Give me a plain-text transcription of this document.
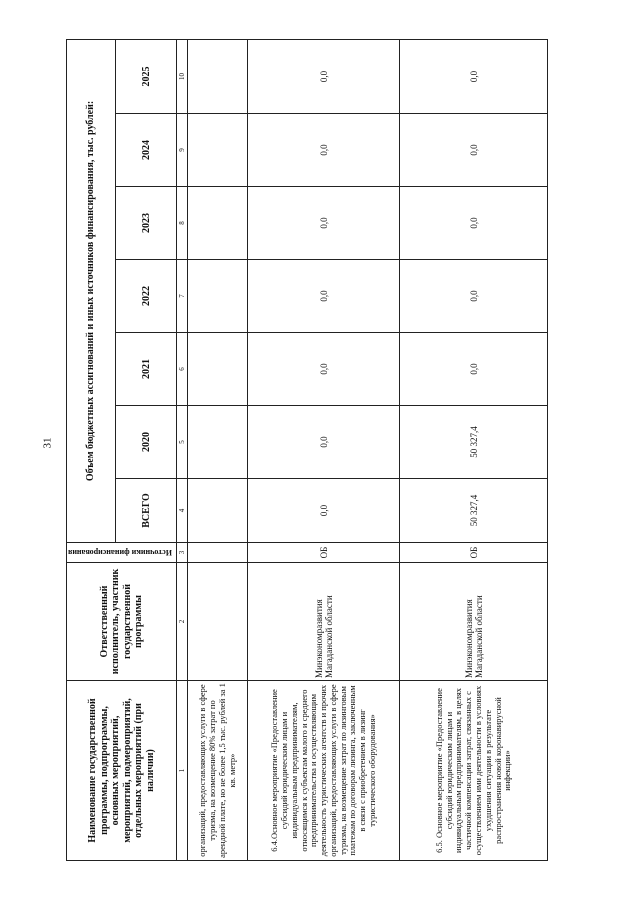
31
Наименование государственной программы, подпрограммы, основных мероприятий, мероприятий, подмероприятий, отдельных мероприятий (при наличии)	Ответственный исполнитель, участник государственной программы	Источники финансирования	Объем бюджетных ассигнований и иных источников финансирования, тыс. рублей:						
			ВСЕГО	2020	2021	2022	2023	2024	2025
1	2	3	4	5	6	7	8	9	10
организаций, предоставляющих услуги в сфере туризма, на возмещение 80% затрат по арендной плате, но не более 1,5 тыс. рублей за 1 кв. метр»									
6.4.Основное мероприятие «Предоставление субсидий юридическим лицам и индивидуальным предпринимателям, относящимся к субъектам малого и среднего предпринимательства и осуществляющим деятельность туристических агентств и прочих организаций, предоставляющих услуги в сфере туризма, на возмещение затрат по лизинговым платежам по договорам лизинга, заключенным в связи с приобретением в лизинг туристического оборудования»	Минэкономразвития Магаданской области	ОБ	0,0	0,0	0,0	0,0	0,0	0,0	0,0
6.5. Основное мероприятие «Предоставление субсидий юридическим лицам и индивидуальным предпринимателям, в целях частичной компенсации затрат, связанных с осуществлением ими деятельности в условиях ухудшения ситуации в результате распространения новой коронавирусной инфекции»	Минэкономразвития Магаданской области	ОБ	50 327,4	50 327,4	0,0	0,0	0,0	0,0	0,0
